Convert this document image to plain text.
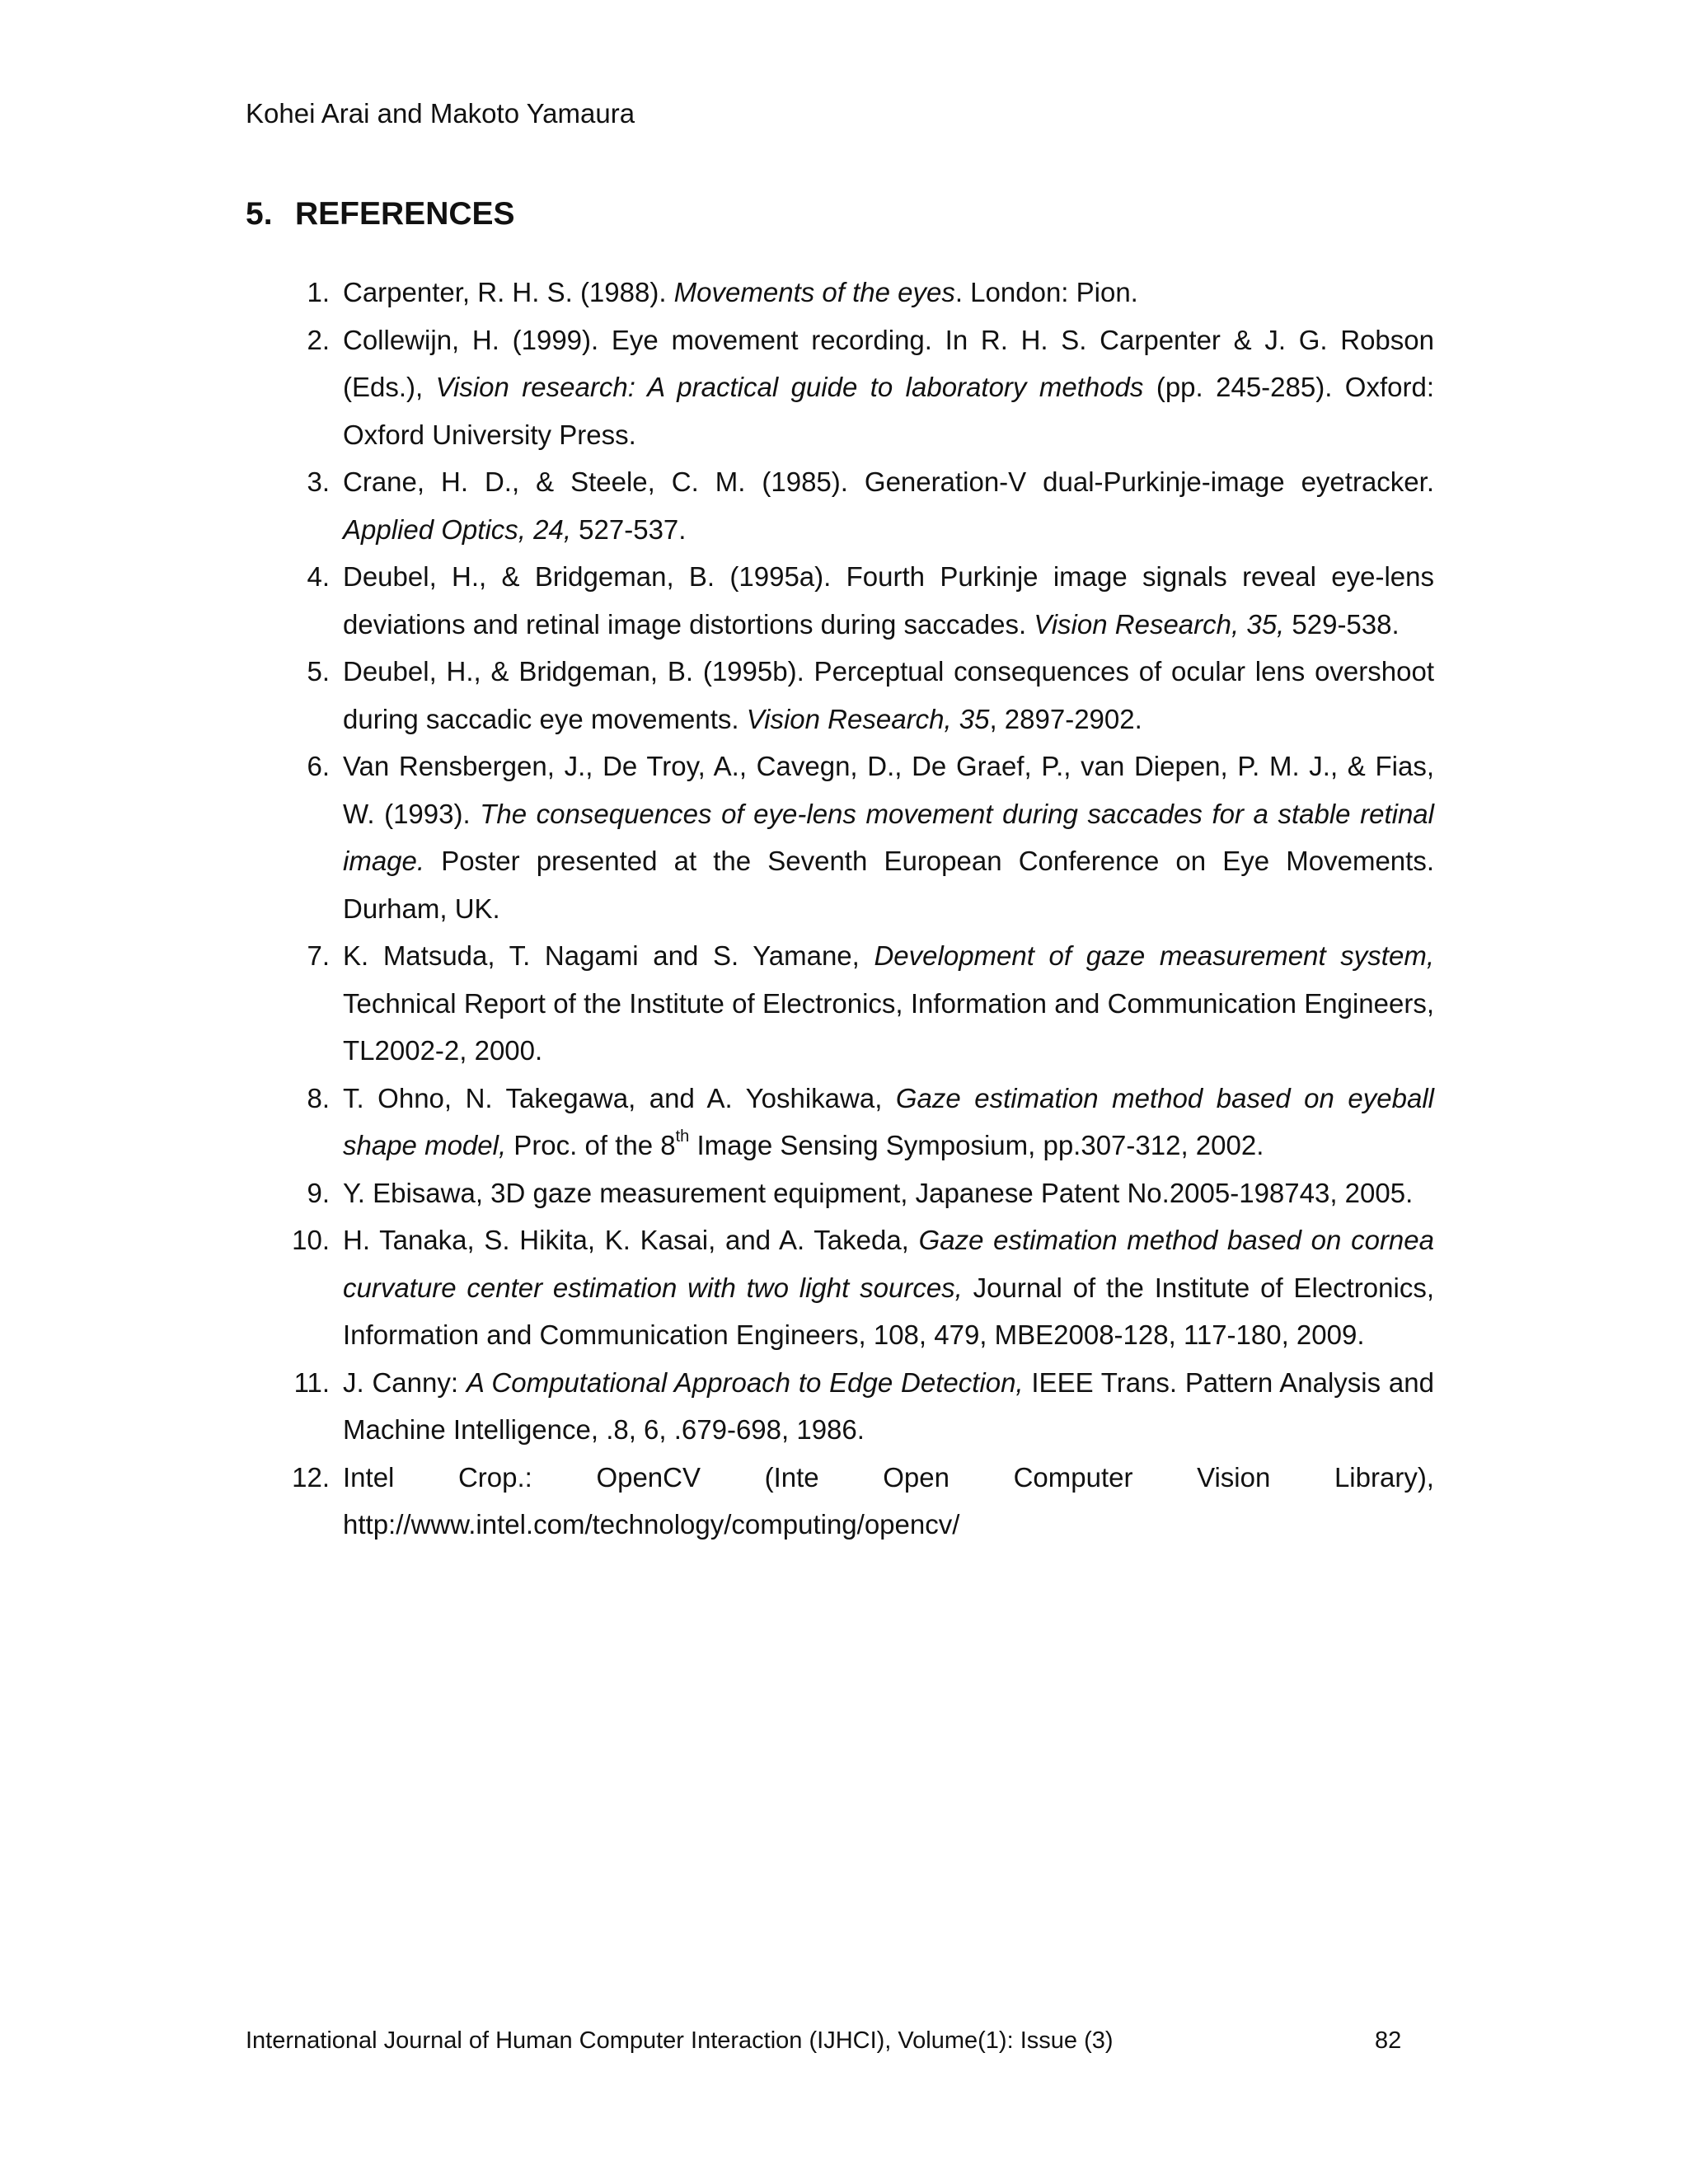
Kohei Arai and Makoto Yamaura
5. REFERENCES
1. Carpenter, R. H. S. (1988). Movements of the eyes. London: Pion.
2. Collewijn, H. (1999). Eye movement recording. In R. H. S. Carpenter & J. G. Robson (Eds.), Vision research: A practical guide to laboratory methods (pp. 245-285). Oxford: Oxford University Press.
3. Crane, H. D., & Steele, C. M. (1985). Generation-V dual-Purkinje-image eyetracker. Applied Optics, 24, 527-537.
4. Deubel, H., & Bridgeman, B. (1995a). Fourth Purkinje image signals reveal eye-lens deviations and retinal image distortions during saccades. Vision Research, 35, 529-538.
5. Deubel, H., & Bridgeman, B. (1995b). Perceptual consequences of ocular lens overshoot during saccadic eye movements. Vision Research, 35, 2897-2902.
6. Van Rensbergen, J., De Troy, A., Cavegn, D., De Graef, P., van Diepen, P. M. J., & Fias, W. (1993). The consequences of eye-lens movement during saccades for a stable retinal image. Poster presented at the Seventh European Conference on Eye Movements. Durham, UK.
7. K. Matsuda, T. Nagami and S. Yamane, Development of gaze measurement system, Technical Report of the Institute of Electronics, Information and Communication Engineers, TL2002-2, 2000.
8. T. Ohno, N. Takegawa, and A. Yoshikawa, Gaze estimation method based on eyeball shape model, Proc. of the 8th Image Sensing Symposium, pp.307-312, 2002.
9. Y. Ebisawa, 3D gaze measurement equipment, Japanese Patent No.2005-198743, 2005.
10. H. Tanaka, S. Hikita, K. Kasai, and A. Takeda, Gaze estimation method based on cornea curvature center estimation with two light sources, Journal of the Institute of Electronics, Information and Communication Engineers, 108, 479, MBE2008-128, 117-180, 2009.
11. J. Canny: A Computational Approach to Edge Detection, IEEE Trans. Pattern Analysis and Machine Intelligence, .8, 6, .679-698, 1986.
12. Intel Crop.: OpenCV (Inte Open Computer Vision Library),
http://www.intel.com/technology/computing/opencv/
International Journal of Human Computer Interaction (IJHCI), Volume(1): Issue (3)	82
